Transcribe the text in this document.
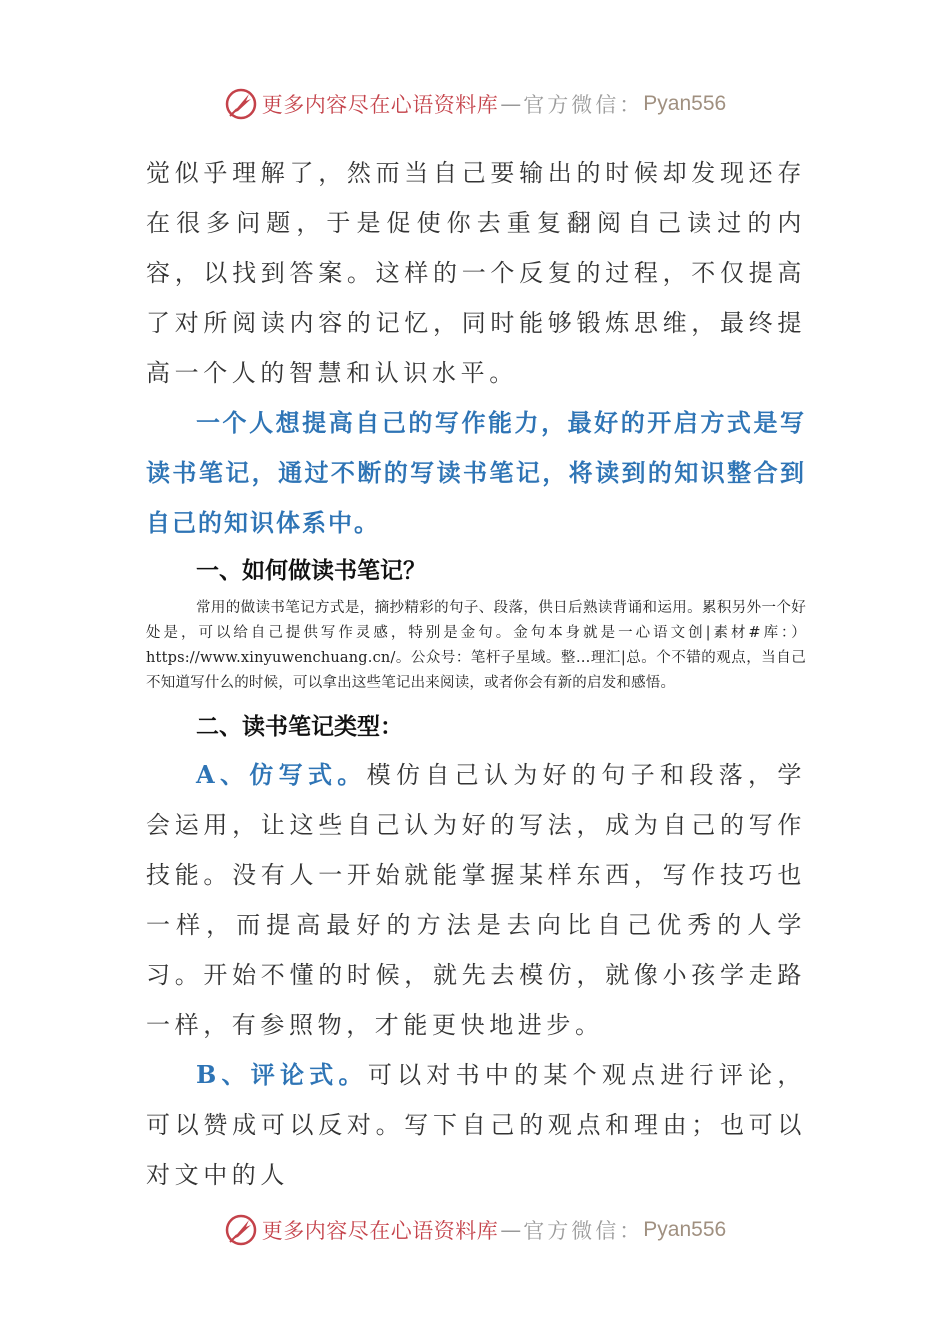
更多内容尽在心语资料库 — 官方微信： Pyan556

觉似乎理解了，然而当自己要输出的时候却发现还存在很多问题，于是促使你去重复翻阅自己读过的内容，以找到答案。这样的一个反复的过程，不仅提高了对所阅读内容的记忆，同时能够锻炼思维，最终提高一个人的智慧和认识水平。

一个人想提高自己的写作能力，最好的开启方式是写读书笔记，通过不断的写读书笔记，将读到的知识整合到自己的知识体系中。

一、如何做读书笔记？

常用的做读书笔记方式是，摘抄精彩的句子、段落，供日后熟读背诵和运用。累积另外一个好处是，可以给自己提供写作灵感，特别是金句。金句本身就是一心语文创|素材#库：）https://www.xinyuwenchuang.cn/。公众号：笔杆子星域。整…理汇|总。个不错的观点，当自己不知道写什么的时候，可以拿出这些笔记出来阅读，或者你会有新的启发和感悟。

二、读书笔记类型：

A、仿写式。模仿自己认为好的句子和段落，学会运用，让这些自己认为好的写法，成为自己的写作技能。没有人一开始就能掌握某样东西，写作技巧也一样，而提高最好的方法是去向比自己优秀的人学习。开始不懂的时候，就先去模仿，就像小孩学走路一样，有参照物，才能更快地进步。

B、评论式。可以对书中的某个观点进行评论，可以赞成可以反对。写下自己的观点和理由；也可以对文中的人

更多内容尽在心语资料库 — 官方微信： Pyan556
